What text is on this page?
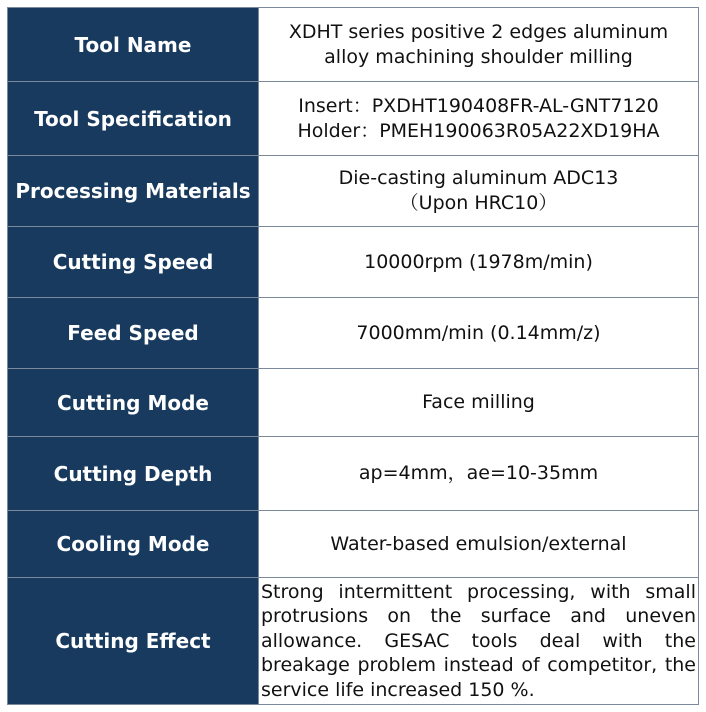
Tool Name	XDHT series positive 2 edges aluminum
alloy machining shoulder milling

Tool Specification	Insert：PXDHT190408FR-AL-GNT7120
Holder：PMEH190063R05A22XD19HA

Processing Materials	Die-casting aluminum ADC13
（Upon HRC10）

Cutting Speed	10000rpm (1978m/min)

Feed Speed	7000mm/min (0.14mm/z)

Cutting Mode	Face milling

Cutting Depth	ap=4mm，ae=10-35mm

Cooling Mode	Water-based emulsion/external

Cutting Effect	Strong intermittent processing, with small protrusions on the surface and uneven allowance. GESAC tools deal with the breakage problem instead of competitor, the service life increased 150 %.
